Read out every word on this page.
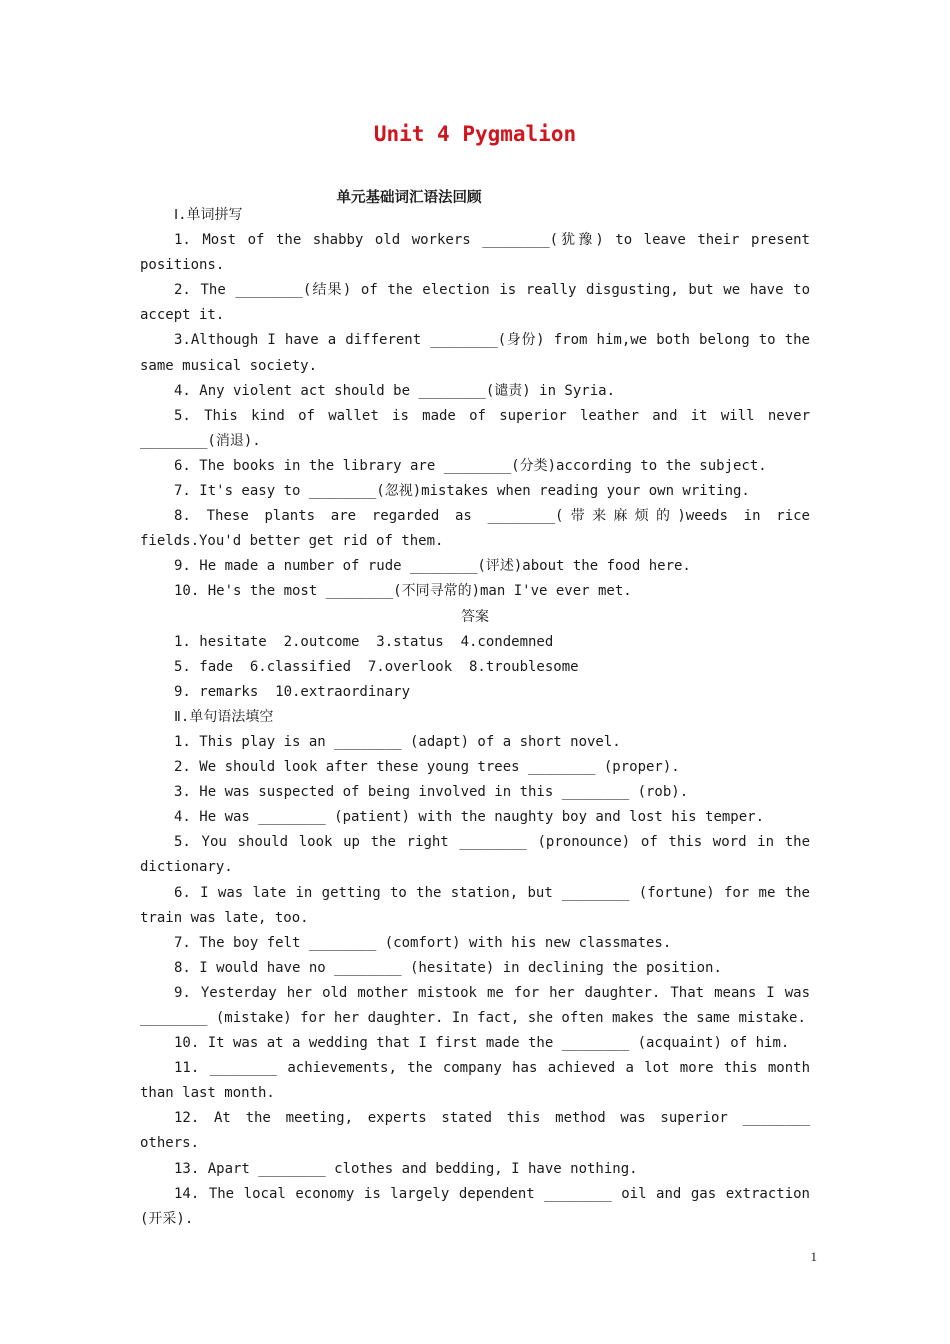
Unit 4 Pygmalion
单元基础词汇语法回顾
Ⅰ.单词拼写
1. Most of the shabby old workers ________(犹豫) to leave their present positions.
2. The ________(结果) of the election is really disgusting, but we have to accept it.
3.Although I have a different ________(身份) from him,we both belong to the same musical society.
4. Any violent act should be ________(谴责) in Syria.
5. This kind of wallet is made of superior leather and it will never ________(消退).
6. The books in the library are ________(分类)according to the subject.
7. It's easy to ________(忽视)mistakes when reading your own writing.
8. These plants are regarded as ________(带来麻烦的)weeds in rice fields.You'd better get rid of them.
9. He made a number of rude ________(评述)about the food here.
10. He's the most ________(不同寻常的)man I've ever met.
答案
1. hesitate  2.outcome  3.status  4.condemned
5. fade  6.classified  7.overlook  8.troublesome
9. remarks  10.extraordinary
Ⅱ.单句语法填空
1. This play is an ________ (adapt) of a short novel.
2. We should look after these young trees ________ (proper).
3. He was suspected of being involved in this ________ (rob).
4. He was ________ (patient) with the naughty boy and lost his temper.
5. You should look up the right ________ (pronounce) of this word in the dictionary.
6. I was late in getting to the station, but ________ (fortune) for me the train was late, too.
7. The boy felt ________ (comfort) with his new classmates.
8. I would have no ________ (hesitate) in declining the position.
9. Yesterday her old mother mistook me for her daughter. That means I was ________ (mistake) for her daughter. In fact, she often makes the same mistake.
10. It was at a wedding that I first made the ________ (acquaint) of him.
11. ________ achievements, the company has achieved a lot more this month than last month.
12. At the meeting, experts stated this method was superior ________ others.
13. Apart ________ clothes and bedding, I have nothing.
14. The local economy is largely dependent ________ oil and gas extraction (开采).
1
